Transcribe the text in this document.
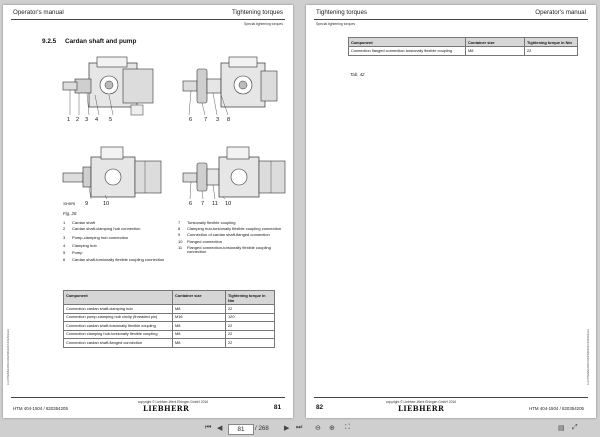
Operator's manual	Tightening torques
Special tightening torques
9.2.5 Cardan shaft and pump
1 2 3 4 5	6 7 3 8
30HBPB 9	10	6 7 11 10
Fig. 26
1	Cardan shaft
2	Cardan shaft-clamping hub connection
3	Pump-clamping hub connection
4	Clamping hub
5	Pump
6	Cardan shaft-torsionally flexible coupling connection
7	Torsionally flexible coupling
8	Clamping hub-torsionally flexible coupling connection
9	Connection of cardan shaft-flanged connection
10	Flanged connection
11	Flanged connection-torsionally flexible coupling connection
Component	Container size	Tightening torque in Nm
Connection cardan shaft-clamping hub	M8	22
Connection pump-clamping hub circlip (threaded pin)	M16	120
Connection cardan shaft-torsionally flexible coupling	M8	22
Connection clamping hub-torsionally flexible coupling	M8	22
Connection cardan shaft-flanged connection	M8	22
LHVP/EB/ER/MA/HM/400/EN/1/DEN/EHA
copyright © Liebherr-Werk Ehingen GmbH 2016
LIEBHERR
HTM 404-1504 / 820354205	81
Tightening torques	Operator's manual
Special tightening torques
Component	Container size	Tightening torque in Nm
Connection flanged connection-torsionally flexible coupling	M8	22
Tab. 42
LHVP/EB/ER/MA/HM/400/EN/1/DEN/EHA
copyright © Liebherr-Werk Ehingen GmbH 2016
LIEBHERR
82	HTM 404-1504 / 820354205
⏮ ◀	81	/ 268 ▶ ⏭ ⊖ ⊕ ⛶	▤ ⤢
